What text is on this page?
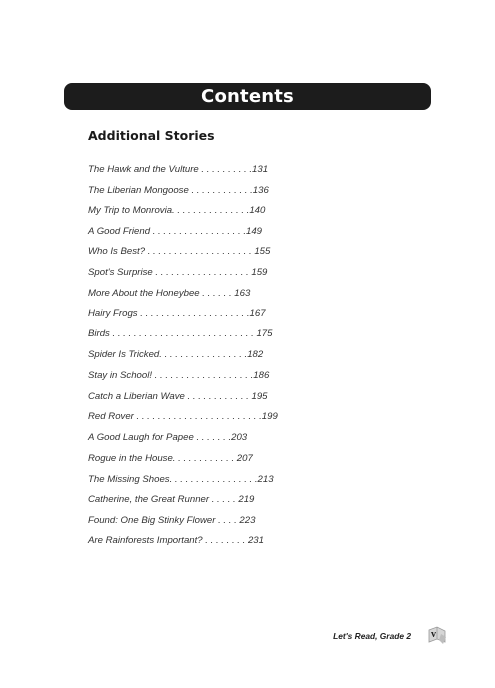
Contents
Additional Stories
The Hawk and the Vulture . . . . . . . . . .131
The Liberian Mongoose . . . . . . . . . . . .136
My Trip to Monrovia. . . . . . . . . . . . . . .140
A Good Friend . . . . . . . . . . . . . . . . . .149
Who Is Best? . . . . . . . . . . . . . . . . . . . . 155
Spot's Surprise . . . . . . . . . . . . . . . . . . 159
More About the Honeybee . . . . . . 163
Hairy Frogs . . . . . . . . . . . . . . . . . . . . .167
Birds . . . . . . . . . . . . . . . . . . . . . . . . . . . 175
Spider Is Tricked. . . . . . . . . . . . . . . . .182
Stay in School! . . . . . . . . . . . . . . . . . . .186
Catch a Liberian Wave . . . . . . . . . . . . 195
Red Rover . . . . . . . . . . . . . . . . . . . . . . . .199
A Good Laugh for Papee . . . . . . .203
Rogue in the House. . . . . . . . . . . . 207
The Missing Shoes. . . . . . . . . . . . . . . . .213
Catherine, the Great Runner . . . . . 219
Found: One Big Stinky Flower . . . . 223
Are Rainforests Important? . . . . . . . . 231
Let's Read, Grade 2 v
